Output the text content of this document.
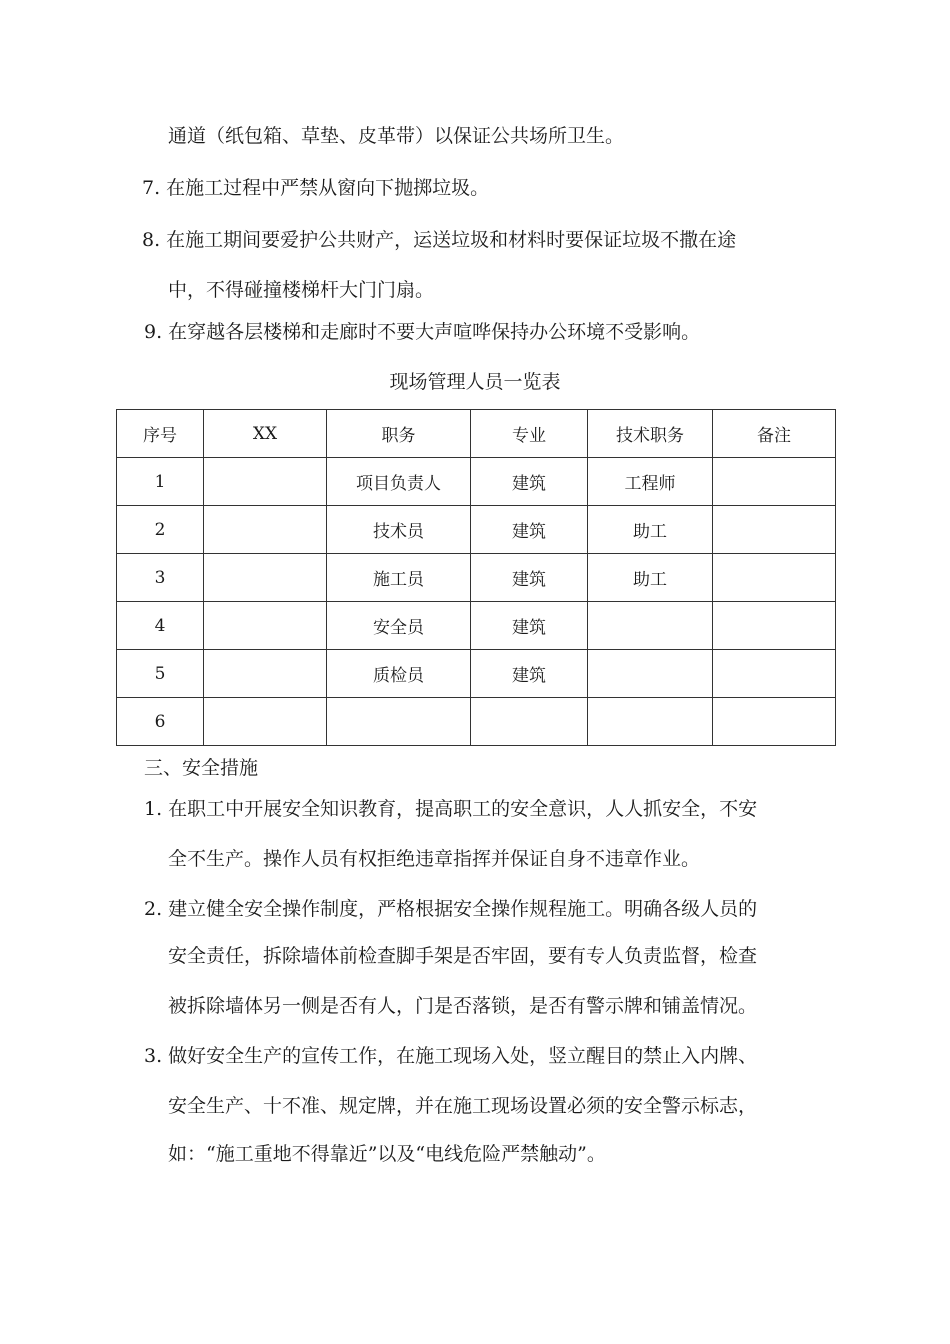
通道（纸包箱、草垫、皮革带）以保证公共场所卫生。
7. 在施工过程中严禁从窗向下抛掷垃圾。
8. 在施工期间要爱护公共财产，运送垃圾和材料时要保证垃圾不撒在途
中，不得碰撞楼梯杆大门门扇。
9. 在穿越各层楼梯和走廊时不要大声喧哗保持办公环境不受影响。
现场管理人员一览表
序号	XX	职务	专业	技术职务	备注
1		项目负责人	建筑	工程师	
2		技术员	建筑	助工	
3		施工员	建筑	助工	
4		安全员	建筑		
5		质检员	建筑		
6					
三、安全措施
1. 在职工中开展安全知识教育，提高职工的安全意识，人人抓安全，不安
全不生产。操作人员有权拒绝违章指挥并保证自身不违章作业。
2. 建立健全安全操作制度，严格根据安全操作规程施工。明确各级人员的
安全责任，拆除墙体前检查脚手架是否牢固，要有专人负责监督，检查
被拆除墙体另一侧是否有人，门是否落锁，是否有警示牌和铺盖情况。
3. 做好安全生产的宣传工作，在施工现场入处，竖立醒目的禁止入内牌、
安全生产、十不准、规定牌，并在施工现场设置必须的安全警示标志，
如：“施工重地不得靠近”以及“电线危险严禁触动”。
